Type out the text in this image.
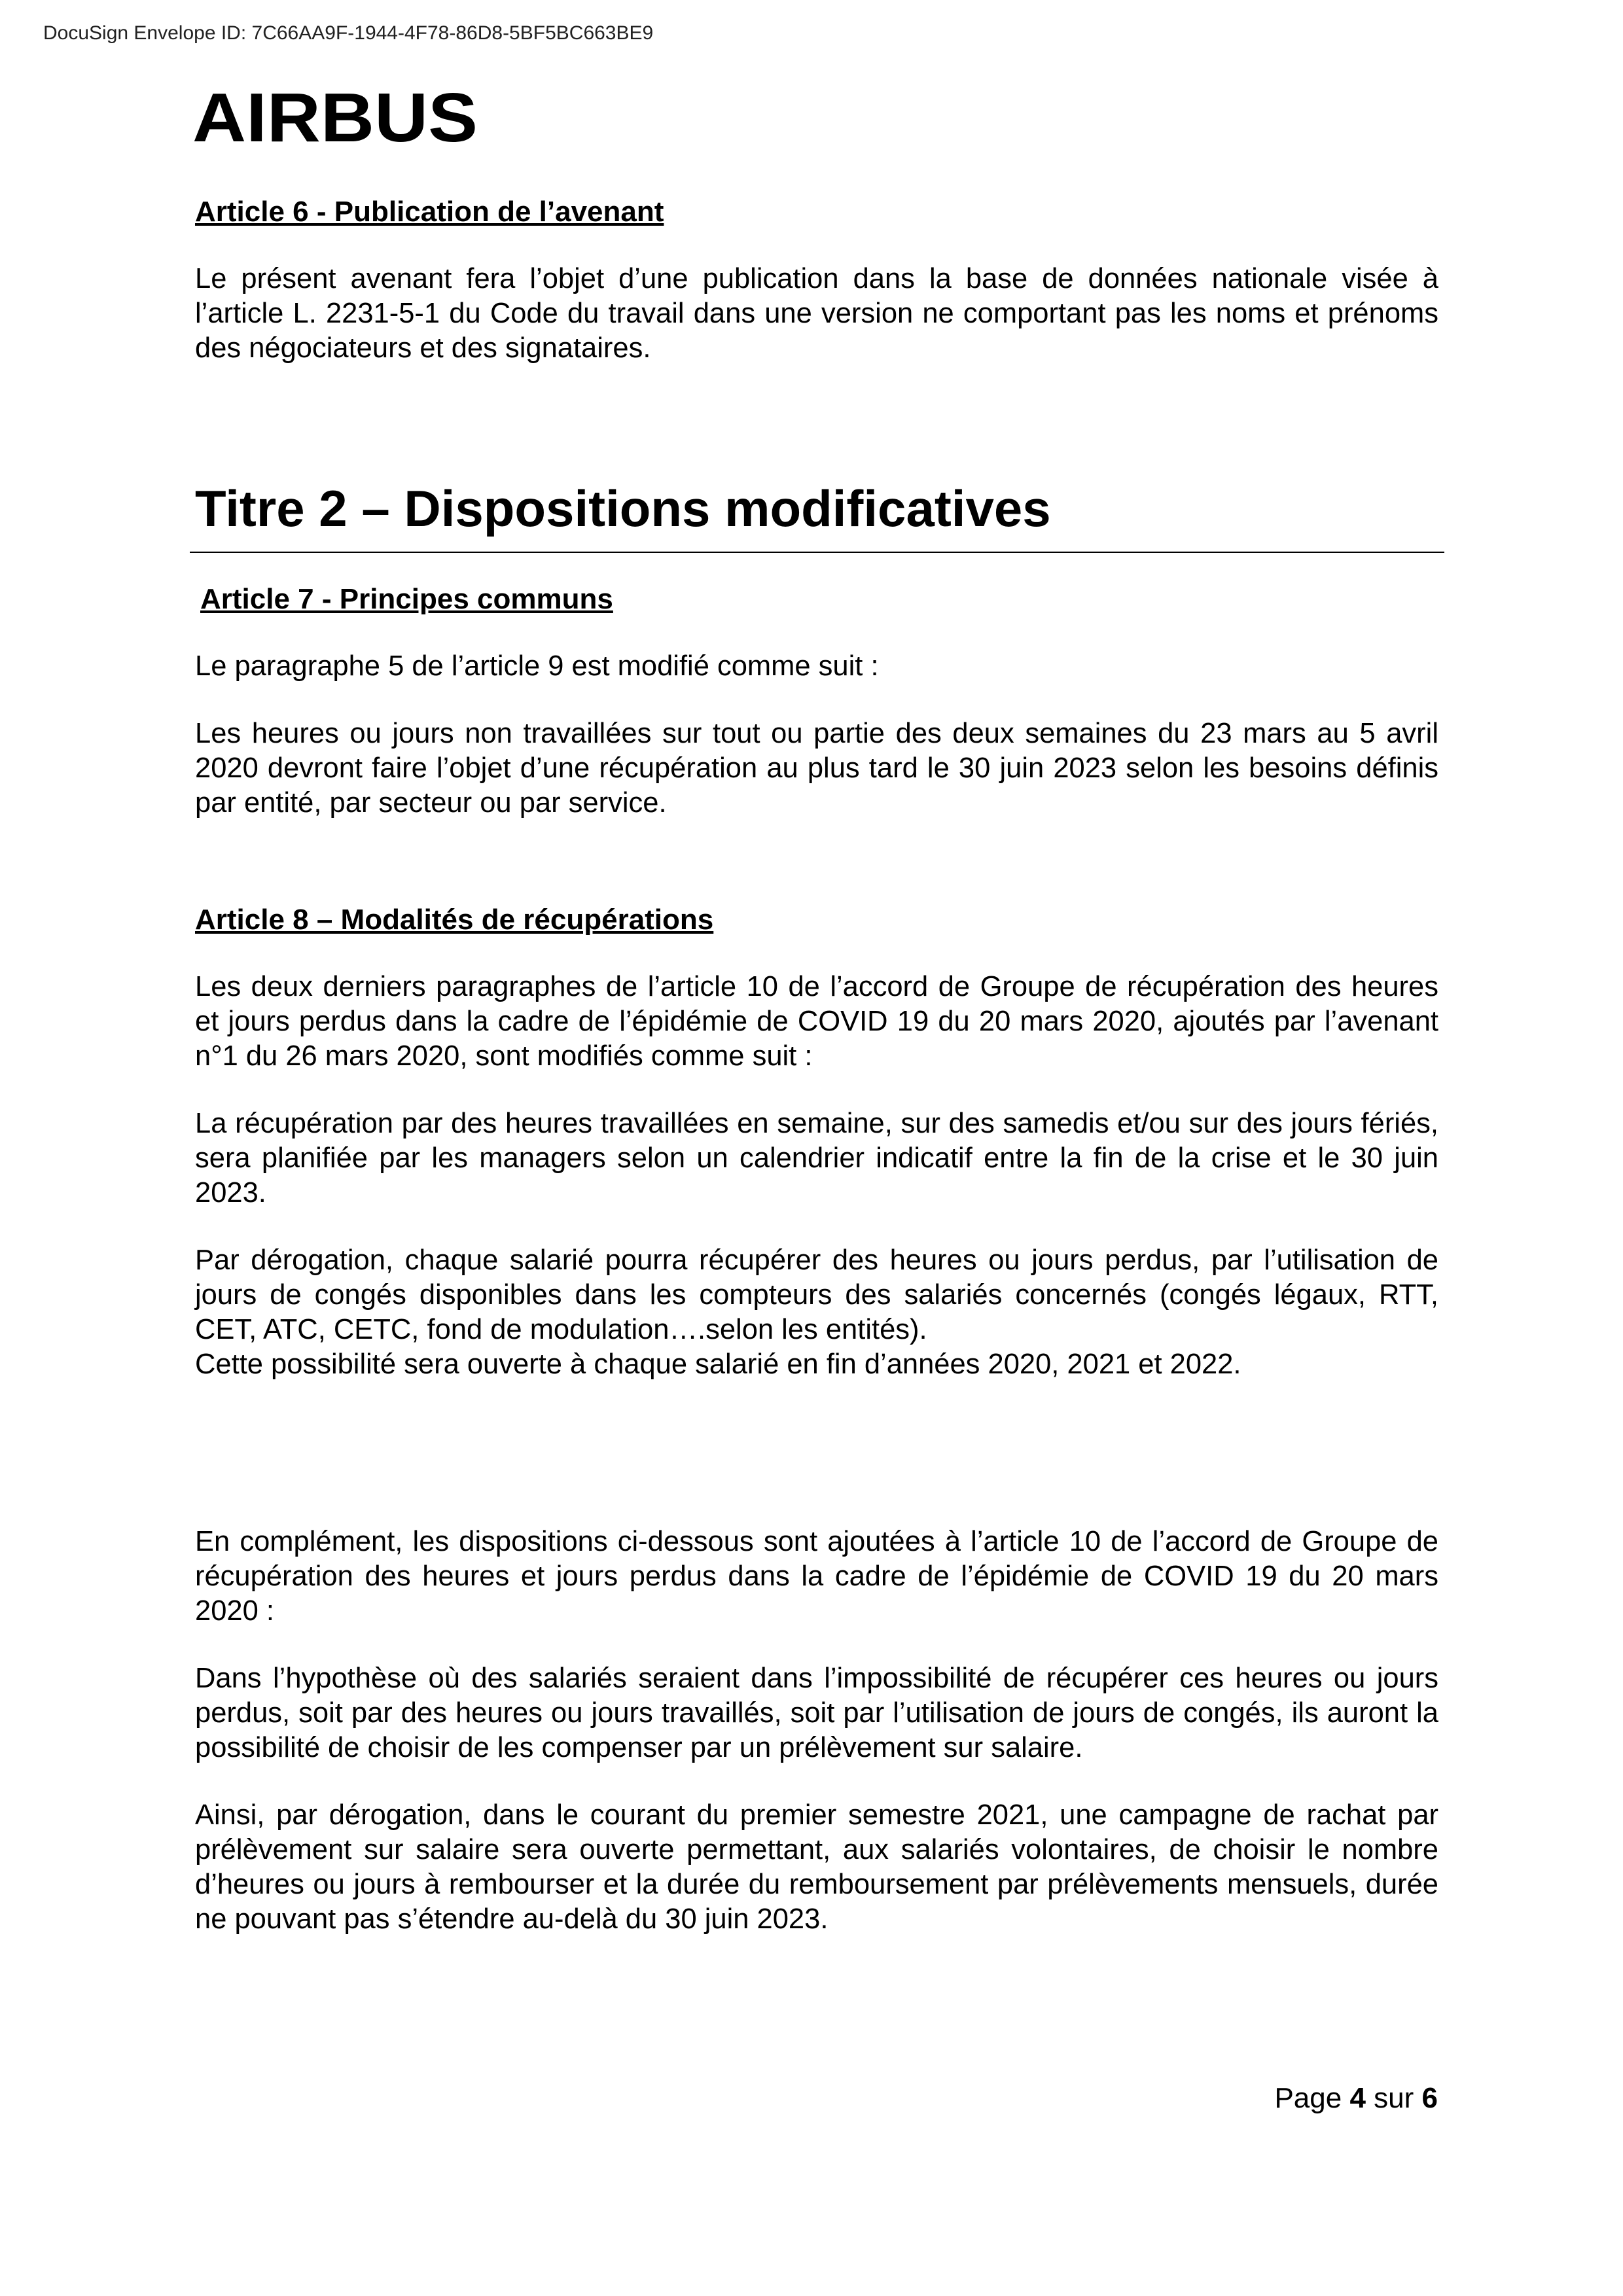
DocuSign Envelope ID: 7C66AA9F-1944-4F78-86D8-5BF5BC663BE9
AIRBUS
Article 6 - Publication de l’avenant

Le présent avenant fera l’objet d’une publication dans la base de données nationale visée à l’article L. 2231-5-1 du Code du travail dans une version ne comportant pas les noms et prénoms des négociateurs et des signataires.

Titre 2 – Dispositions modificatives
Article 7 - Principes communs

Le paragraphe 5 de l’article 9 est modifié comme suit :

Les heures ou jours non travaillées sur tout ou partie des deux semaines du 23 mars au 5 avril 2020 devront faire l’objet d’une récupération au plus tard le 30 juin 2023 selon les besoins définis par entité, par secteur ou par service.

Article 8 – Modalités de récupérations

Les deux derniers paragraphes de l’article 10 de l’accord de Groupe de récupération des heures et jours perdus dans la cadre de l’épidémie de COVID 19 du 20 mars 2020, ajoutés par l’avenant n°1 du 26 mars 2020, sont modifiés comme suit :

La récupération par des heures travaillées en semaine, sur des samedis et/ou sur des jours fériés, sera planifiée par les managers selon un calendrier indicatif entre la fin de la crise et le 30 juin 2023.

Par dérogation, chaque salarié pourra récupérer des heures ou jours perdus, par l’utilisation de jours de congés disponibles dans les compteurs des salariés concernés (congés légaux, RTT, CET, ATC, CETC, fond de modulation….selon les entités).

Cette possibilité sera ouverte à chaque salarié en fin d’années 2020, 2021 et 2022.

En complément, les dispositions ci-dessous sont ajoutées à l’article 10 de l’accord de Groupe de récupération des heures et jours perdus dans la cadre de l’épidémie de COVID 19 du 20 mars 2020 :

Dans l’hypothèse où des salariés seraient dans l’impossibilité de récupérer ces heures ou jours perdus, soit par des heures ou jours travaillés, soit par l’utilisation de jours de congés, ils auront la possibilité de choisir de les compenser par un prélèvement sur salaire.

Ainsi, par dérogation, dans le courant du premier semestre 2021, une campagne de rachat par prélèvement sur salaire sera ouverte permettant, aux salariés volontaires, de choisir le nombre d’heures ou jours à rembourser et la durée du remboursement par prélèvements mensuels, durée ne pouvant pas s’étendre au-delà du 30 juin 2023.

Page 4 sur 6
